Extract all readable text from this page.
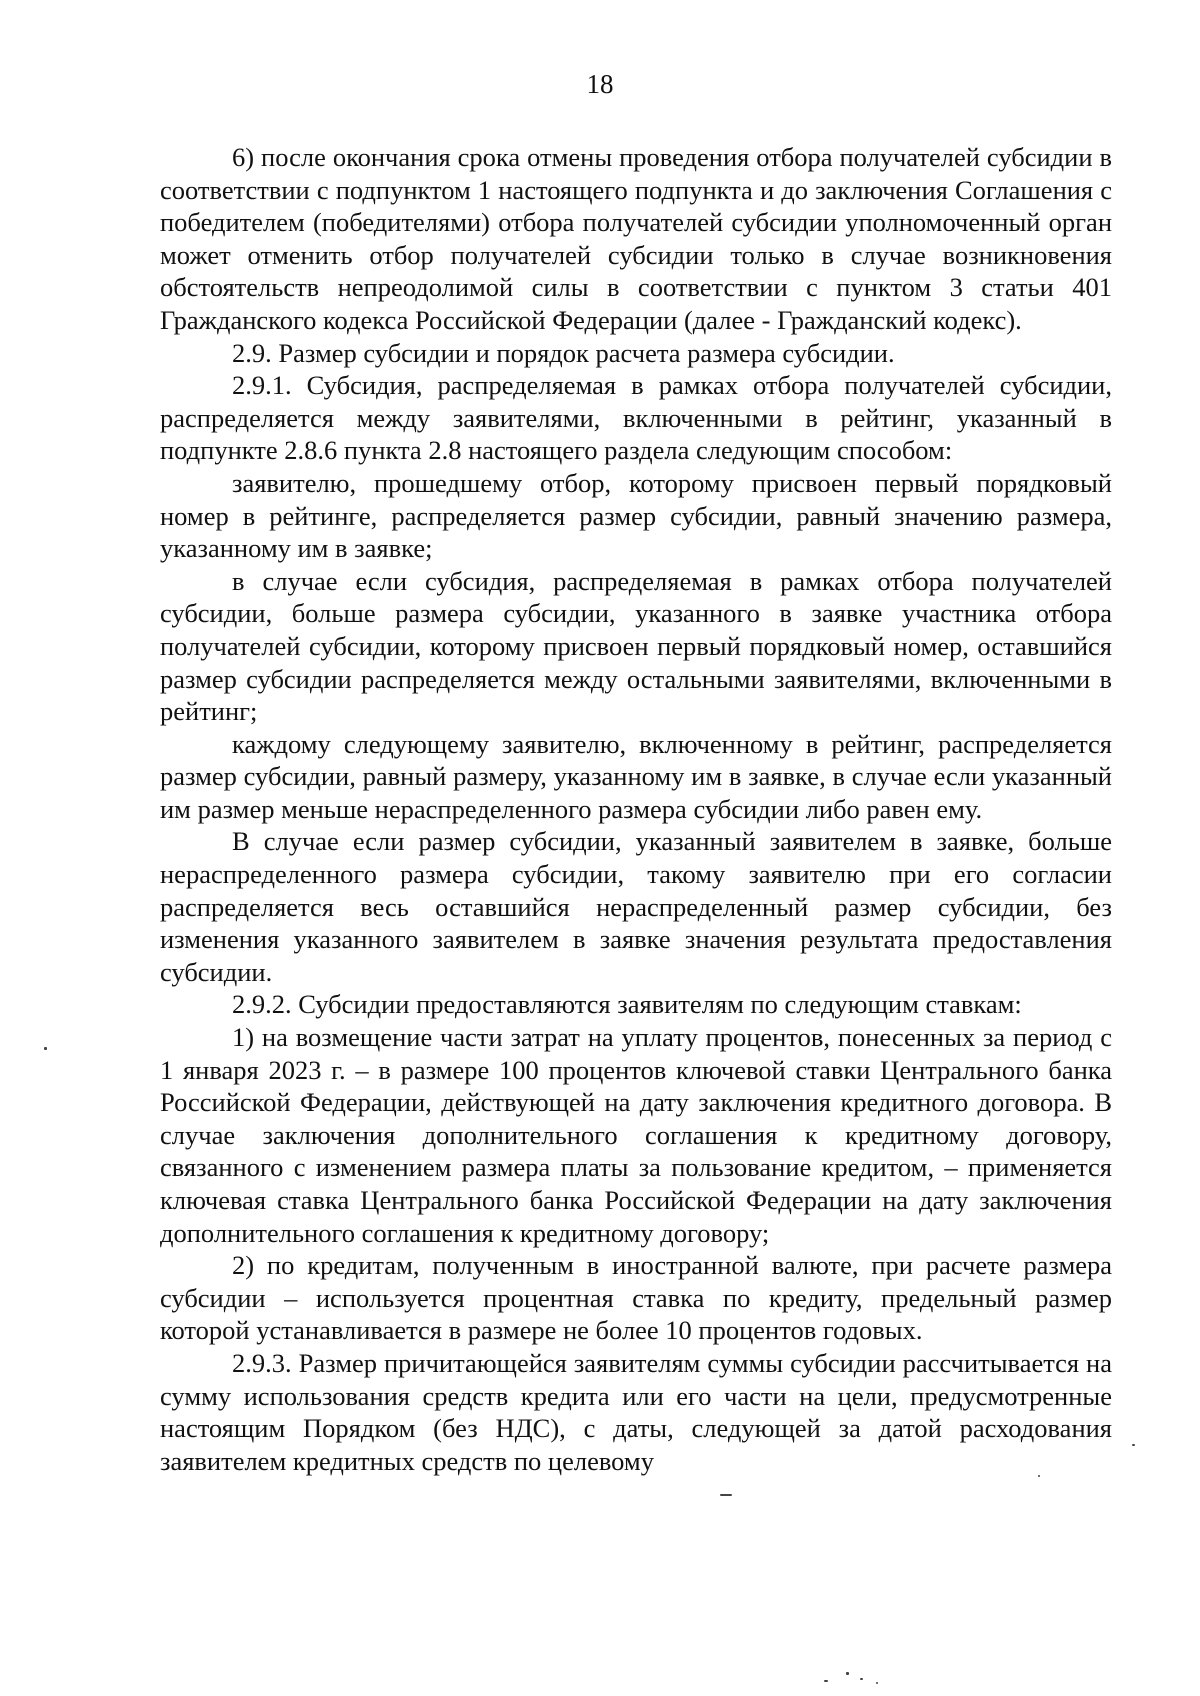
18

6) после окончания срока отмены проведения отбора получателей субсидии в соответствии с подпунктом 1 настоящего подпункта и до заключения Соглашения с победителем (победителями) отбора получателей субсидии уполномоченный орган может отменить отбор получателей субсидии только в случае возникновения обстоятельств непреодолимой силы в соответствии с пунктом 3 статьи 401 Гражданского кодекса Российской Федерации (далее - Гражданский кодекс).

2.9. Размер субсидии и порядок расчета размера субсидии.

2.9.1. Субсидия, распределяемая в рамках отбора получателей субсидии, распределяется между заявителями, включенными в рейтинг, указанный в подпункте 2.8.6 пункта 2.8 настоящего раздела следующим способом:

заявителю, прошедшему отбор, которому присвоен первый порядковый номер в рейтинге, распределяется размер субсидии, равный значению размера, указанному им в заявке;

в случае если субсидия, распределяемая в рамках отбора получателей субсидии, больше размера субсидии, указанного в заявке участника отбора получателей субсидии, которому присвоен первый порядковый номер, оставшийся размер субсидии распределяется между остальными заявителями, включенными в рейтинг;

каждому следующему заявителю, включенному в рейтинг, распределяется размер субсидии, равный размеру, указанному им в заявке, в случае если указанный им размер меньше нераспределенного размера субсидии либо равен ему.

В случае если размер субсидии, указанный заявителем в заявке, больше нераспределенного размера субсидии, такому заявителю при его согласии распределяется весь оставшийся нераспределенный размер субсидии, без изменения указанного заявителем в заявке значения результата предоставления субсидии.

2.9.2. Субсидии предоставляются заявителям по следующим ставкам:

1) на возмещение части затрат на уплату процентов, понесенных за период с 1 января 2023 г. – в размере 100 процентов ключевой ставки Центрального банка Российской Федерации, действующей на дату заключения кредитного договора. В случае заключения дополнительного соглашения к кредитному договору, связанного с изменением размера платы за пользование кредитом, – применяется ключевая ставка Центрального банка Российской Федерации на дату заключения дополнительного соглашения к кредитному договору;

2) по кредитам, полученным в иностранной валюте, при расчете размера субсидии – используется процентная ставка по кредиту, предельный размер которой устанавливается в размере не более 10 процентов годовых.

2.9.3. Размер причитающейся заявителям суммы субсидии рассчитывается на сумму использования средств кредита или его части на цели, предусмотренные настоящим Порядком (без НДС), с даты, следующей за датой расходования заявителем кредитных средств по целевому
